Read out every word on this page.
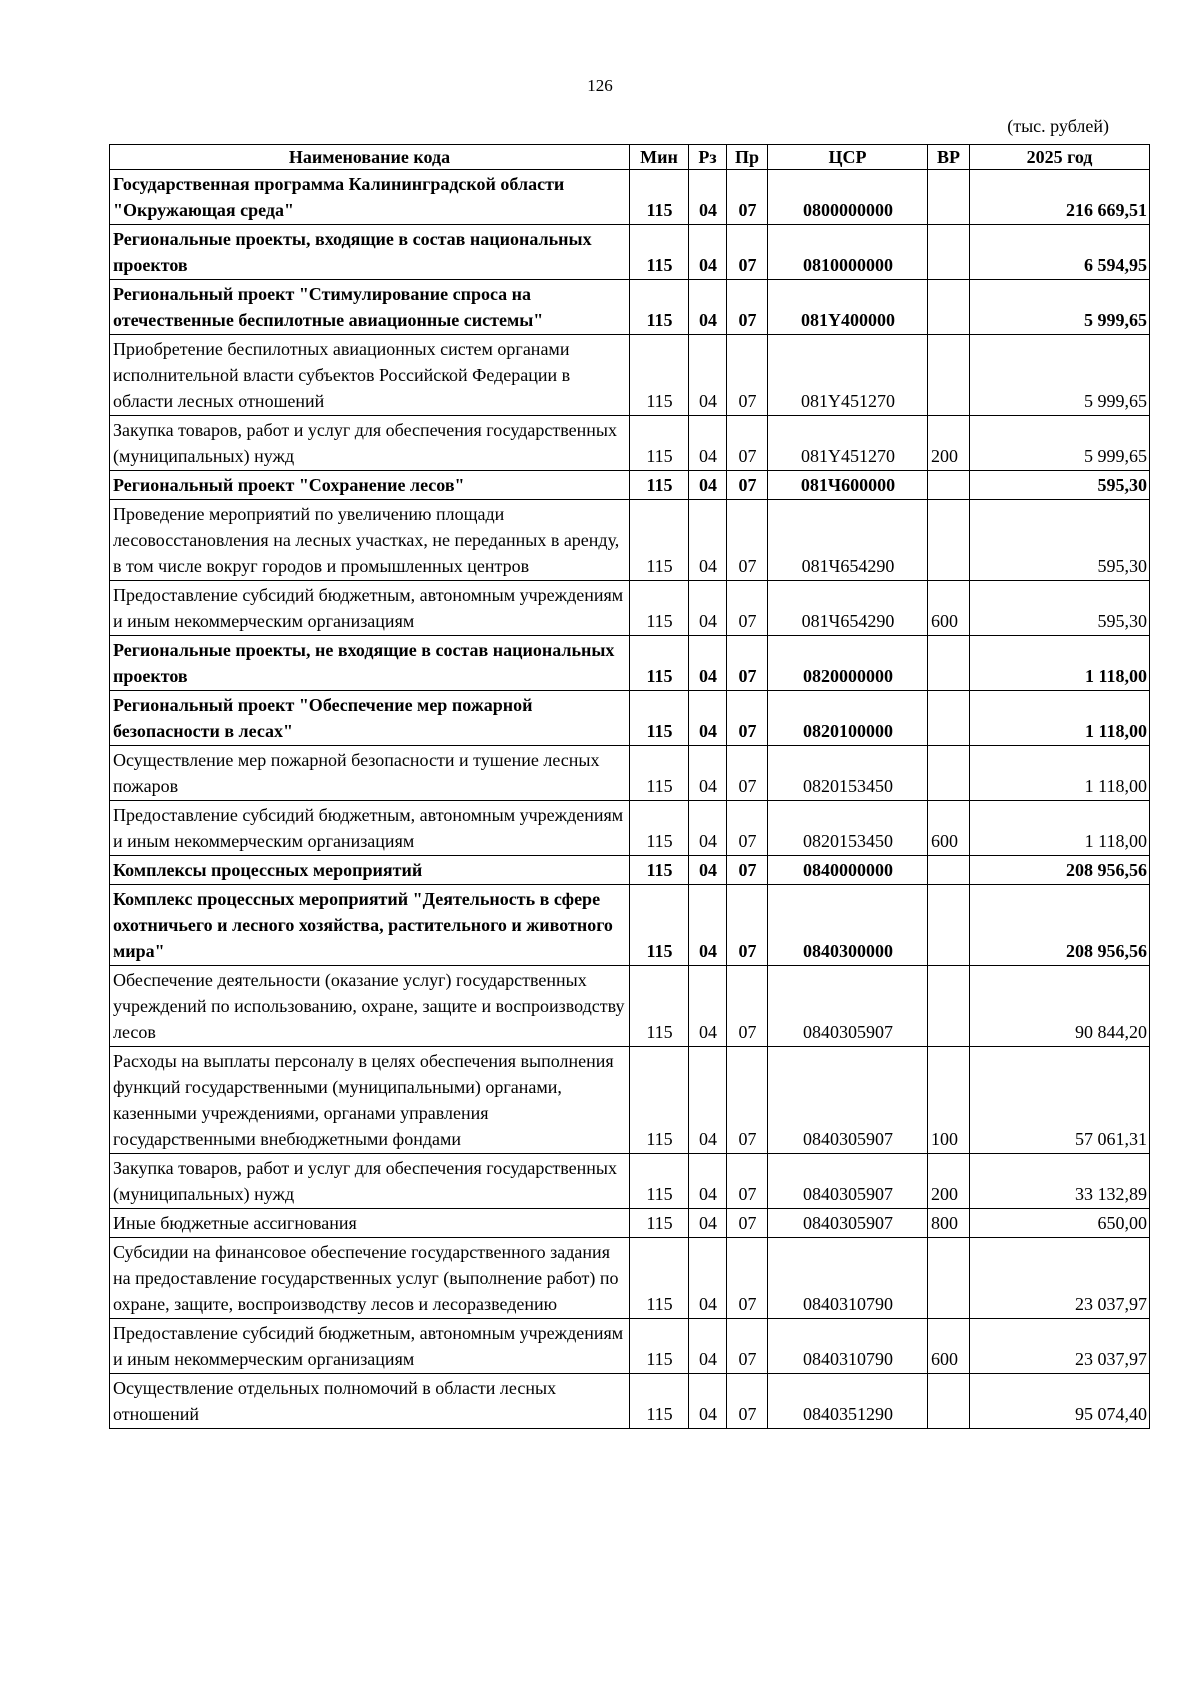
126
(тыс. рублей)
Наименование кода	Мин	Рз	Пр	ЦСР	ВР	2025 год
Государственная программа Калининградской области "Окружающая среда"	115	04	07	0800000000		216 669,51
Региональные проекты, входящие в состав национальных проектов	115	04	07	0810000000		6 594,95
Региональный проект "Стимулирование спроса на отечественные беспилотные авиационные системы"	115	04	07	081Y400000		5 999,65
Приобретение беспилотных авиационных систем органами исполнительной власти субъектов Российской Федерации в области лесных отношений	115	04	07	081Y451270		5 999,65
Закупка товаров, работ и услуг для обеспечения государственных (муниципальных) нужд	115	04	07	081Y451270	200	5 999,65
Региональный проект "Сохранение лесов"	115	04	07	081Ч600000		595,30
Проведение мероприятий по увеличению площади лесовосстановления на лесных участках, не переданных в аренду, в том числе вокруг городов и промышленных центров	115	04	07	081Ч654290		595,30
Предоставление субсидий бюджетным, автономным учреждениям и иным некоммерческим организациям	115	04	07	081Ч654290	600	595,30
Региональные проекты, не входящие в состав национальных проектов	115	04	07	0820000000		1 118,00
Региональный проект "Обеспечение мер пожарной безопасности в лесах"	115	04	07	0820100000		1 118,00
Осуществление мер пожарной безопасности и тушение лесных пожаров	115	04	07	0820153450		1 118,00
Предоставление субсидий бюджетным, автономным учреждениям и иным некоммерческим организациям	115	04	07	0820153450	600	1 118,00
Комплексы процессных мероприятий	115	04	07	0840000000		208 956,56
Комплекс процессных мероприятий "Деятельность в сфере охотничьего и лесного хозяйства, растительного и животного мира"	115	04	07	0840300000		208 956,56
Обеспечение деятельности (оказание услуг) государственных учреждений по использованию, охране, защите и воспроизводству лесов	115	04	07	0840305907		90 844,20
Расходы на выплаты персоналу в целях обеспечения выполнения функций государственными (муниципальными) органами, казенными учреждениями, органами управления государственными внебюджетными фондами	115	04	07	0840305907	100	57 061,31
Закупка товаров, работ и услуг для обеспечения государственных (муниципальных) нужд	115	04	07	0840305907	200	33 132,89
Иные бюджетные ассигнования	115	04	07	0840305907	800	650,00
Субсидии на финансовое обеспечение государственного задания на предоставление государственных услуг (выполнение работ) по охране, защите, воспроизводству лесов и лесоразведению	115	04	07	0840310790		23 037,97
Предоставление субсидий бюджетным, автономным учреждениям и иным некоммерческим организациям	115	04	07	0840310790	600	23 037,97
Осуществление отдельных полномочий в области лесных отношений	115	04	07	0840351290		95 074,40
